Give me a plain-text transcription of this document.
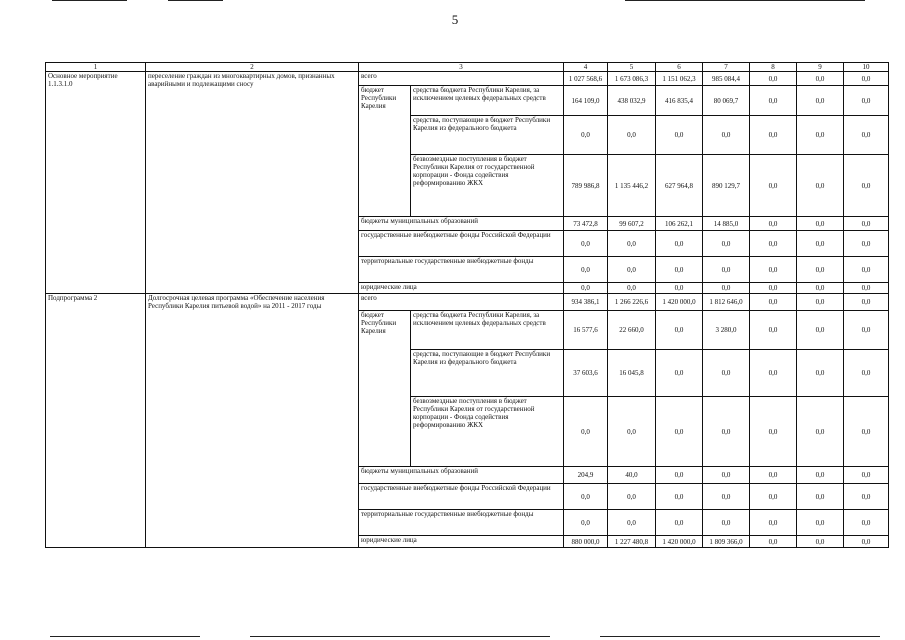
5
1	2	3		4	5	6	7	8	9	10
Основное мероприятие 1.1.3.1.0	переселение граждан из многоквартирных домов, признанных аварийными и подлежащими сносу	всего		1 027 568,6	1 673 086,3	1 151 062,3	985 084,4	0,0	0,0	0,0
		бюджет Республики Карелия	средства бюджета Республики Карелия, за исключением целевых федеральных средств	164 109,0	438 032,9	416 835,4	80 069,7	0,0	0,0	0,0
			средства, поступающие в бюджет Республики Карелия из федерального бюджета	0,0	0,0	0,0	0,0	0,0	0,0	0,0
			безвозмездные поступления в бюджет Республики Карелия от государственной корпорации - Фонда содействия реформированию ЖКХ	789 986,8	1 135 446,2	627 964,8	890 129,7	0,0	0,0	0,0
		бюджеты муниципальных образований		73 472,8	99 607,2	106 262,1	14 885,0	0,0	0,0	0,0
		государственные внебюджетные фонды Российской Федерации		0,0	0,0	0,0	0,0	0,0	0,0	0,0
		территориальные государственные внебюджетные фонды		0,0	0,0	0,0	0,0	0,0	0,0	0,0
		юридические лица		0,0	0,0	0,0	0,0	0,0	0,0	0,0
Подпрограмма 2	Долгосрочная целевая программа «Обеспечение населения Республики Карелия питьевой водой» на 2011 - 2017 годы	всего		934 386,1	1 266 226,6	1 420 000,0	1 812 646,0	0,0	0,0	0,0
		бюджет Республики Карелия	средства бюджета Республики Карелия, за исключением целевых федеральных средств	16 577,6	22 660,0	0,0	3 280,0	0,0	0,0	0,0
			средства, поступающие в бюджет Республики Карелия из федерального бюджета	37 603,6	16 045,8	0,0	0,0	0,0	0,0	0,0
			безвозмездные поступления в бюджет Республики Карелия от государственной корпорации - Фонда содействия реформированию ЖКХ	0,0	0,0	0,0	0,0	0,0	0,0	0,0
		бюджеты муниципальных образований		204,9	40,0	0,0	0,0	0,0	0,0	0,0
		государственные внебюджетные фонды Российской Федерации		0,0	0,0	0,0	0,0	0,0	0,0	0,0
		территориальные государственные внебюджетные фонды		0,0	0,0	0,0	0,0	0,0	0,0	0,0
		юридические лица		880 000,0	1 227 480,8	1 420 000,0	1 809 366,0	0,0	0,0	0,0
